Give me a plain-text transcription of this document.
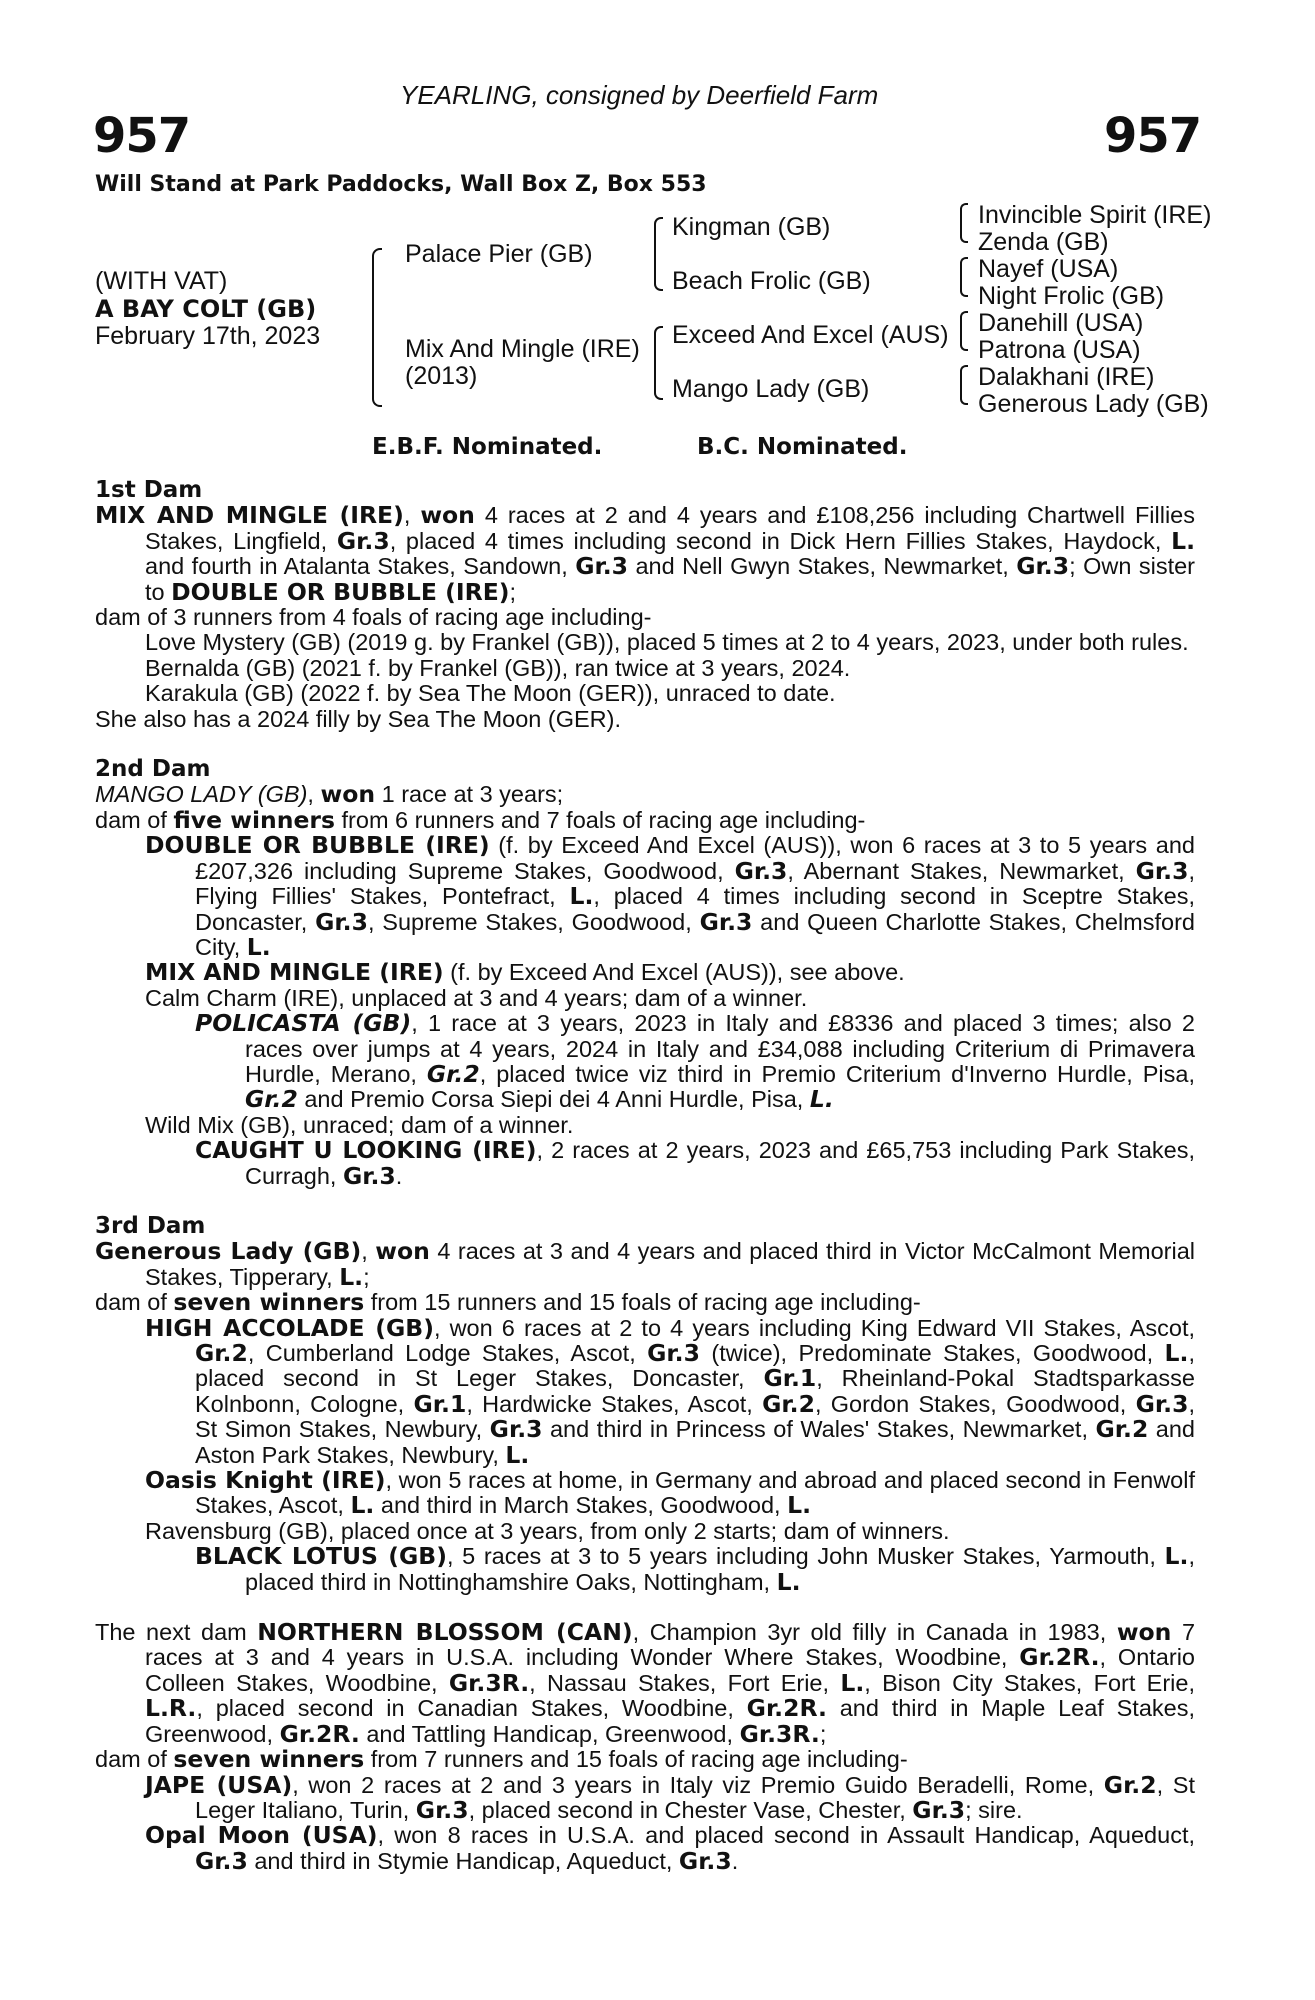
YEARLING, consigned by Deerfield Farm
957	957
Will Stand at Park Paddocks, Wall Box Z, Box 553
(WITH VAT)
A BAY COLT (GB)
February 17th, 2023
Palace Pier (GB)
Mix And Mingle (IRE)
(2013)
Kingman (GB)
Beach Frolic (GB)
Exceed And Excel (AUS)
Mango Lady (GB)
Invincible Spirit (IRE)
Zenda (GB)
Nayef (USA)
Night Frolic (GB)
Danehill (USA)
Patrona (USA)
Dalakhani (IRE)
Generous Lady (GB)
E.B.F. Nominated.	B.C. Nominated.

1st Dam

MIX AND MINGLE (IRE), won 4 races at 2 and 4 years and £108,256 including Chartwell Fillies Stakes, Lingfield, Gr.3, placed 4 times including second in Dick Hern Fillies Stakes, Haydock, L. and fourth in Atalanta Stakes, Sandown, Gr.3 and Nell Gwyn Stakes, Newmarket, Gr.3; Own sister to DOUBLE OR BUBBLE (IRE);

dam of 3 runners from 4 foals of racing age including-

Love Mystery (GB) (2019 g. by Frankel (GB)), placed 5 times at 2 to 4 years, 2023, under both rules.

Bernalda (GB) (2021 f. by Frankel (GB)), ran twice at 3 years, 2024.

Karakula (GB) (2022 f. by Sea The Moon (GER)), unraced to date.

She also has a 2024 filly by Sea The Moon (GER).

2nd Dam

MANGO LADY (GB), won 1 race at 3 years;

dam of five winners from 6 runners and 7 foals of racing age including-

DOUBLE OR BUBBLE (IRE) (f. by Exceed And Excel (AUS)), won 6 races at 3 to 5 years and £207,326 including Supreme Stakes, Goodwood, Gr.3, Abernant Stakes, Newmarket, Gr.3, Flying Fillies' Stakes, Pontefract, L., placed 4 times including second in Sceptre Stakes, Doncaster, Gr.3, Supreme Stakes, Goodwood, Gr.3 and Queen Charlotte Stakes, Chelmsford City, L.

MIX AND MINGLE (IRE) (f. by Exceed And Excel (AUS)), see above.

Calm Charm (IRE), unplaced at 3 and 4 years; dam of a winner.

POLICASTA (GB), 1 race at 3 years, 2023 in Italy and £8336 and placed 3 times; also 2 races over jumps at 4 years, 2024 in Italy and £34,088 including Criterium di Primavera Hurdle, Merano, Gr.2, placed twice viz third in Premio Criterium d'Inverno Hurdle, Pisa, Gr.2 and Premio Corsa Siepi dei 4 Anni Hurdle, Pisa, L.

Wild Mix (GB), unraced; dam of a winner.

CAUGHT U LOOKING (IRE), 2 races at 2 years, 2023 and £65,753 including Park Stakes, Curragh, Gr.3.

3rd Dam

Generous Lady (GB), won 4 races at 3 and 4 years and placed third in Victor McCalmont Memorial Stakes, Tipperary, L.;

dam of seven winners from 15 runners and 15 foals of racing age including-

HIGH ACCOLADE (GB), won 6 races at 2 to 4 years including King Edward VII Stakes, Ascot, Gr.2, Cumberland Lodge Stakes, Ascot, Gr.3 (twice), Predominate Stakes, Goodwood, L., placed second in St Leger Stakes, Doncaster, Gr.1, Rheinland-Pokal Stadtsparkasse Kolnbonn, Cologne, Gr.1, Hardwicke Stakes, Ascot, Gr.2, Gordon Stakes, Goodwood, Gr.3, St Simon Stakes, Newbury, Gr.3 and third in Princess of Wales' Stakes, Newmarket, Gr.2 and Aston Park Stakes, Newbury, L.

Oasis Knight (IRE), won 5 races at home, in Germany and abroad and placed second in Fenwolf Stakes, Ascot, L. and third in March Stakes, Goodwood, L.

Ravensburg (GB), placed once at 3 years, from only 2 starts; dam of winners.

BLACK LOTUS (GB), 5 races at 3 to 5 years including John Musker Stakes, Yarmouth, L., placed third in Nottinghamshire Oaks, Nottingham, L.

The next dam NORTHERN BLOSSOM (CAN), Champion 3yr old filly in Canada in 1983, won 7 races at 3 and 4 years in U.S.A. including Wonder Where Stakes, Woodbine, Gr.2R., Ontario Colleen Stakes, Woodbine, Gr.3R., Nassau Stakes, Fort Erie, L., Bison City Stakes, Fort Erie, L.R., placed second in Canadian Stakes, Woodbine, Gr.2R. and third in Maple Leaf Stakes, Greenwood, Gr.2R. and Tattling Handicap, Greenwood, Gr.3R.;

dam of seven winners from 7 runners and 15 foals of racing age including-

JAPE (USA), won 2 races at 2 and 3 years in Italy viz Premio Guido Beradelli, Rome, Gr.2, St Leger Italiano, Turin, Gr.3, placed second in Chester Vase, Chester, Gr.3; sire.

Opal Moon (USA), won 8 races in U.S.A. and placed second in Assault Handicap, Aqueduct, Gr.3 and third in Stymie Handicap, Aqueduct, Gr.3.
